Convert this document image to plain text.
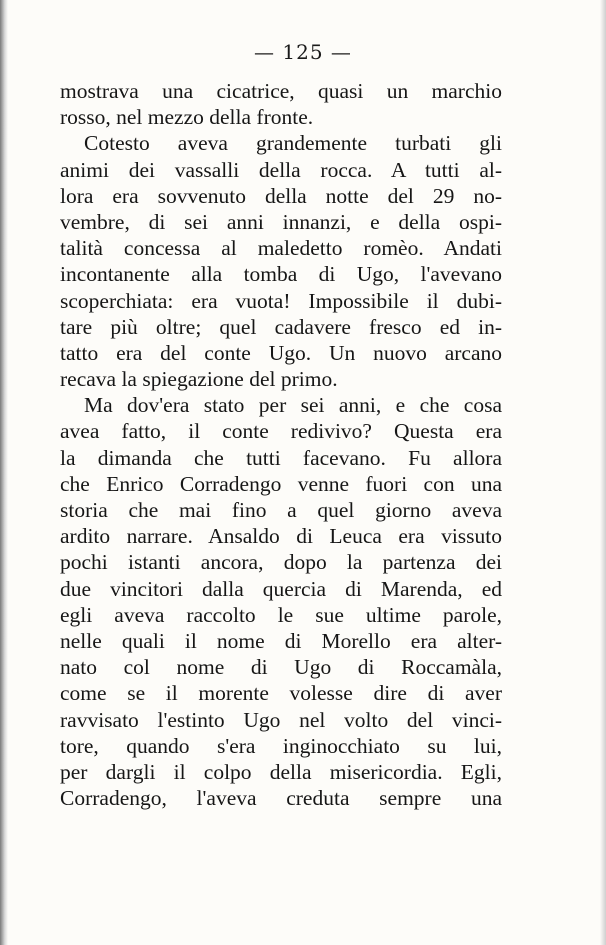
— 125 —
mostrava una cicatrice, quasi un marchio
rosso, nel mezzo della fronte.
Cotesto aveva grandemente turbati gli
animi dei vassalli della rocca. A tutti al-
lora era sovvenuto della notte del 29 no-
vembre, di sei anni innanzi, e della ospi-
talità concessa al maledetto romèo. Andati
incontanente alla tomba di Ugo, l'avevano
scoperchiata: era vuota! Impossibile il dubi-
tare più oltre; quel cadavere fresco ed in-
tatto era del conte Ugo. Un nuovo arcano
recava la spiegazione del primo.
Ma dov'era stato per sei anni, e che cosa
avea fatto, il conte redivivo? Questa era
la dimanda che tutti facevano. Fu allora
che Enrico Corradengo venne fuori con una
storia che mai fino a quel giorno aveva
ardito narrare. Ansaldo di Leuca era vissuto
pochi istanti ancora, dopo la partenza dei
due vincitori dalla quercia di Marenda, ed
egli aveva raccolto le sue ultime parole,
nelle quali il nome di Morello era alter-
nato col nome di Ugo di Roccamàla,
come se il morente volesse dire di aver
ravvisato l'estinto Ugo nel volto del vinci-
tore, quando s'era inginocchiato su lui,
per dargli il colpo della misericordia. Egli,
Corradengo, l'aveva creduta sempre una
